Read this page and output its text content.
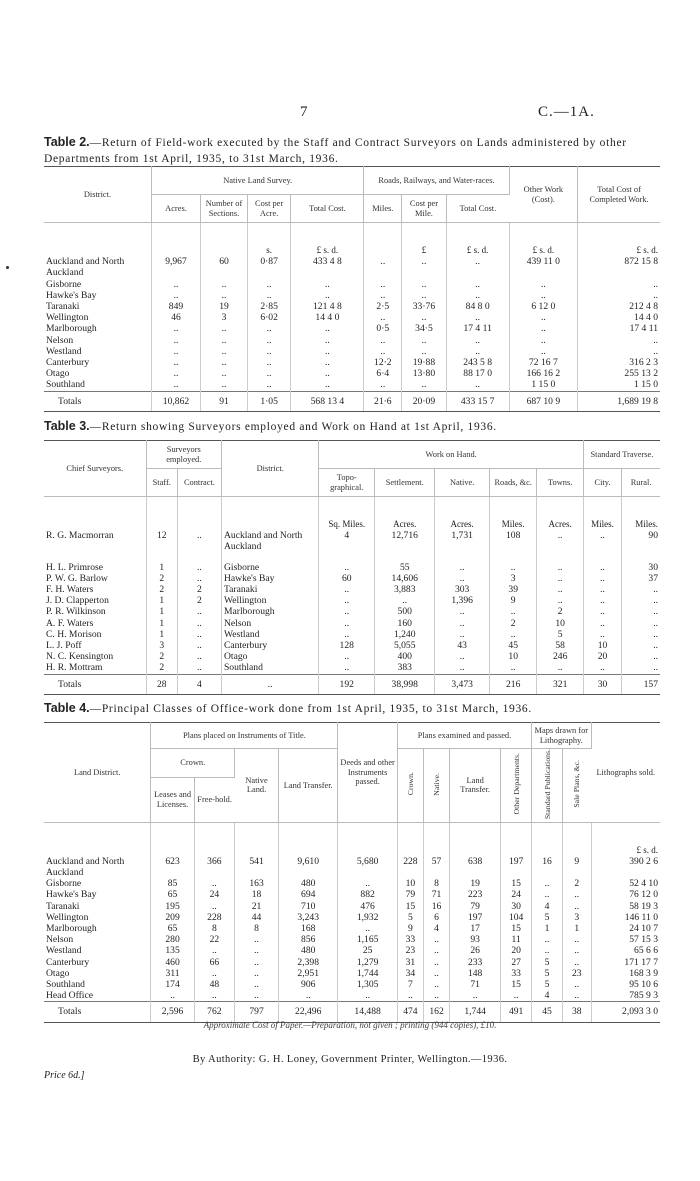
7	C.—1A.
Table 2.—Return of Field-work executed by the Staff and Contract Surveyors on Lands administered by other Departments from 1st April, 1935, to 31st March, 1936.
District.	Native Land Survey.				Roads, Railways, and Water-races.			Other Work (Cost).	Total Cost of Completed Work.
	Acres.	Number of Sections.	Cost per Acre.	Total Cost.	Miles.	Cost per Mile.	Total Cost.		
			s.	£ s. d.		£	£ s. d.	£ s. d.	£ s. d.
Auckland and North Auckland	9,967	60	0·87	433 4 8	..	..	..	439 11 0	872 15 8
Gisborne	..	..	..	..	..	..	..	..	..
Hawke's Bay	..	..	..	..	..	..	..	..	..
Taranaki	849	19	2·85	121 4 8	2·5	33·76	84 8 0	6 12 0	212 4 8
Wellington	46	3	6·02	14 4 0	..	..	..	..	14 4 0
Marlborough	..	..	..	..	0·5	34·5	17 4 11	..	17 4 11
Nelson	..	..	..	..	..	..	..	..	..
Westland	..	..	..	..	..	..	..	..	..
Canterbury	..	..	..	..	12·2	19·88	243 5 8	72 16 7	316 2 3
Otago	..	..	..	..	6·4	13·80	88 17 0	166 16 2	255 13 2
Southland	..	..	..	..	..	..	..	1 15 0	1 15 0
Totals	10,862	91	1·05	568 13 4	21·6	20·09	433 15 7	687 10 9	1,689 19 8
Table 3.—Return showing Surveyors employed and Work on Hand at 1st April, 1936.
Chief Surveyors.	Surveyors employed.		District.	Work on Hand.					Standard Traverse.	
	Staff.	Contract.		Topo-graphical.	Settlement.	Native.	Roads, &c.	Towns.	City.	Rural.
				Sq. Miles.	Acres.	Acres.	Miles.	Acres.	Miles.	Miles.
R. G. Macmorran	12	..	Auckland and North Auckland	4	12,716	1,731	108	..	..	90
H. L. Primrose	1	..	Gisborne	..	55	..	..	..	..	30
P. W. G. Barlow	2	..	Hawke's Bay	60	14,606	..	3	..	..	37
F. H. Waters	2	2	Taranaki	..	3,883	303	39	..	..	..
J. D. Clapperton	1	2	Wellington	..	..	1,396	9	..	..	..
P. R. Wilkinson	1	..	Marlborough	..	500	..	..	2	..	..
A. F. Waters	1	..	Nelson	..	160	..	2	10	..	..
C. H. Morison	1	..	Westland	..	1,240	..	..	5	..	..
L. J. Poff	3	..	Canterbury	128	5,055	43	45	58	10	..
N. C. Kensington	2	..	Otago	..	400	..	10	246	20	..
H. R. Mottram	2	..	Southland	..	383	..	..	..	..	..
Totals	28	4	..	192	38,998	3,473	216	321	30	157
Table 4.—Principal Classes of Office-work done from 1st April, 1935, to 31st March, 1936.
Land District.	Plans placed on Instruments of Title.				Deeds and other Instruments passed.	Plans examined and passed.				Maps drawn for Lithography.		Lithographs sold.
	Crown.		Native Land.	Land Transfer.		Crown.	Native.	Land Transfer.	Other Departments.	Standard Publications.	Sale Plans, &c.	
	Leases and Licenses.	Free-hold.										
												£ s. d.
Auckland and North Auckland	623	366	541	9,610	5,680	228	57	638	197	16	9	390 2 6
Gisborne	85	..	163	480	..	10	8	19	15	..	2	52 4 10
Hawke's Bay	65	24	18	694	882	79	71	223	24	..	..	76 12 0
Taranaki	195	..	21	710	476	15	16	79	30	4	..	58 19 3
Wellington	209	228	44	3,243	1,932	5	6	197	104	5	3	146 11 0
Marlborough	65	8	8	168	..	9	4	17	15	1	1	24 10 7
Nelson	280	22	..	856	1,165	33	..	93	11	..	..	57 15 3
Westland	135	..	..	480	25	23	..	26	20	..	..	65 6 6
Canterbury	460	66	..	2,398	1,279	31	..	233	27	5	..	171 17 7
Otago	311	..	..	2,951	1,744	34	..	148	33	5	23	168 3 9
Southland	174	48	..	906	1,305	7	..	71	15	5	..	95 10 6
Head Office	..	..	..	..	..	..	..	..	..	4	..	785 9 3
Totals	2,596	762	797	22,496	14,488	474	162	1,744	491	45	38	2,093 3 0
Approximate Cost of Paper.—Preparation, not given ; printing (944 copies), £10.
By Authority: G. H. Loney, Government Printer, Wellington.—1936.
Price 6d.]
